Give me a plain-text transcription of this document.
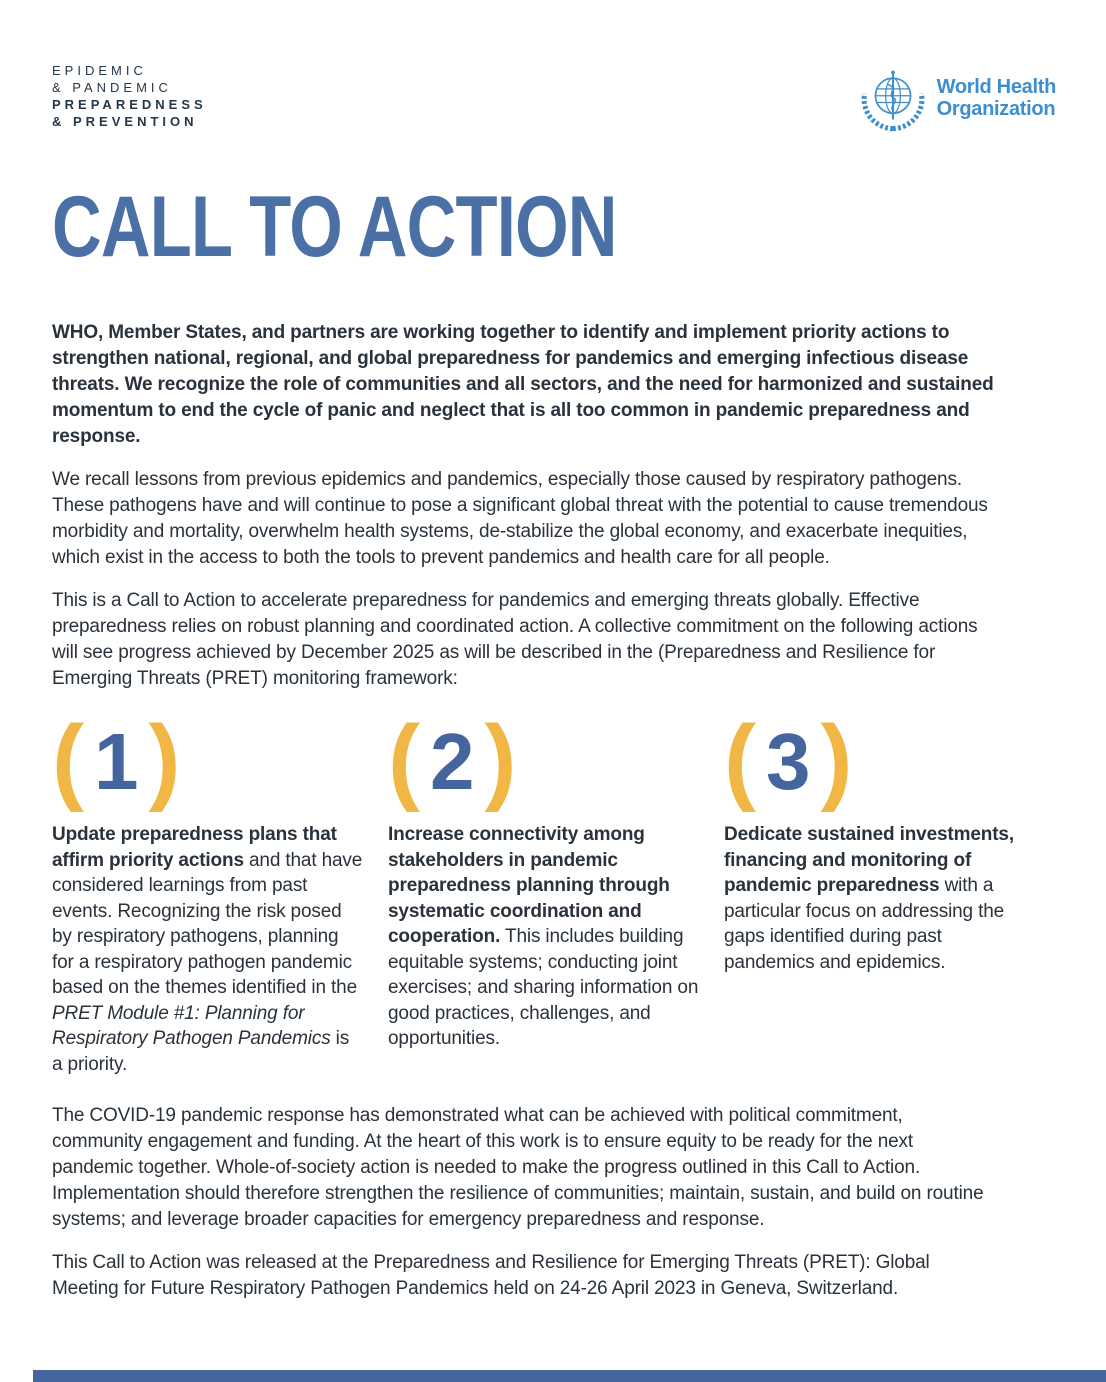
EPIDEMIC
& PANDEMIC
PREPAREDNESS
& PREVENTION
World Health
Organization
CALL TO ACTION

WHO, Member States, and partners are working together to identify and implement priority actions to strengthen national, regional, and global preparedness for pandemics and emerging infectious disease threats. We recognize the role of communities and all sectors, and the need for harmonized and sustained momentum to end the cycle of panic and neglect that is all too common in pandemic preparedness and response.

We recall lessons from previous epidemics and pandemics, especially those caused by respiratory pathogens. These pathogens have and will continue to pose a significant global threat with the potential to cause tremendous morbidity and mortality, overwhelm health systems, de-stabilize the global economy, and exacerbate inequities, which exist in the access to both the tools to prevent pandemics and health care for all people.

This is a Call to Action to accelerate preparedness for pandemics and emerging threats globally. Effective preparedness relies on robust planning and coordinated action. A collective commitment on the following actions will see progress achieved by December 2025 as will be described in the (Preparedness and Resilience for Emerging Threats (PRET) monitoring framework:

( 1 )

Update preparedness plans that affirm priority actions and that have considered learnings from past events. Recognizing the risk posed by respiratory pathogens, planning for a respiratory pathogen pandemic based on the themes identified in the PRET Module #1: Planning for Respiratory Pathogen Pandemics is a priority.

( 2 )

Increase connectivity among stakeholders in pandemic preparedness planning through systematic coordination and cooperation. This includes building equitable systems; conducting joint exercises; and sharing information on good practices, challenges, and opportunities.

( 3 )

Dedicate sustained investments, financing and monitoring of pandemic preparedness with a particular focus on addressing the gaps identified during past pandemics and epidemics.

The COVID-19 pandemic response has demonstrated what can be achieved with political commitment, community engagement and funding. At the heart of this work is to ensure equity to be ready for the next pandemic together. Whole-of-society action is needed to make the progress outlined in this Call to Action. Implementation should therefore strengthen the resilience of communities; maintain, sustain, and build on routine systems; and leverage broader capacities for emergency preparedness and response.

This Call to Action was released at the Preparedness and Resilience for Emerging Threats (PRET): Global Meeting for Future Respiratory Pathogen Pandemics held on 24-26 April 2023 in Geneva, Switzerland.
